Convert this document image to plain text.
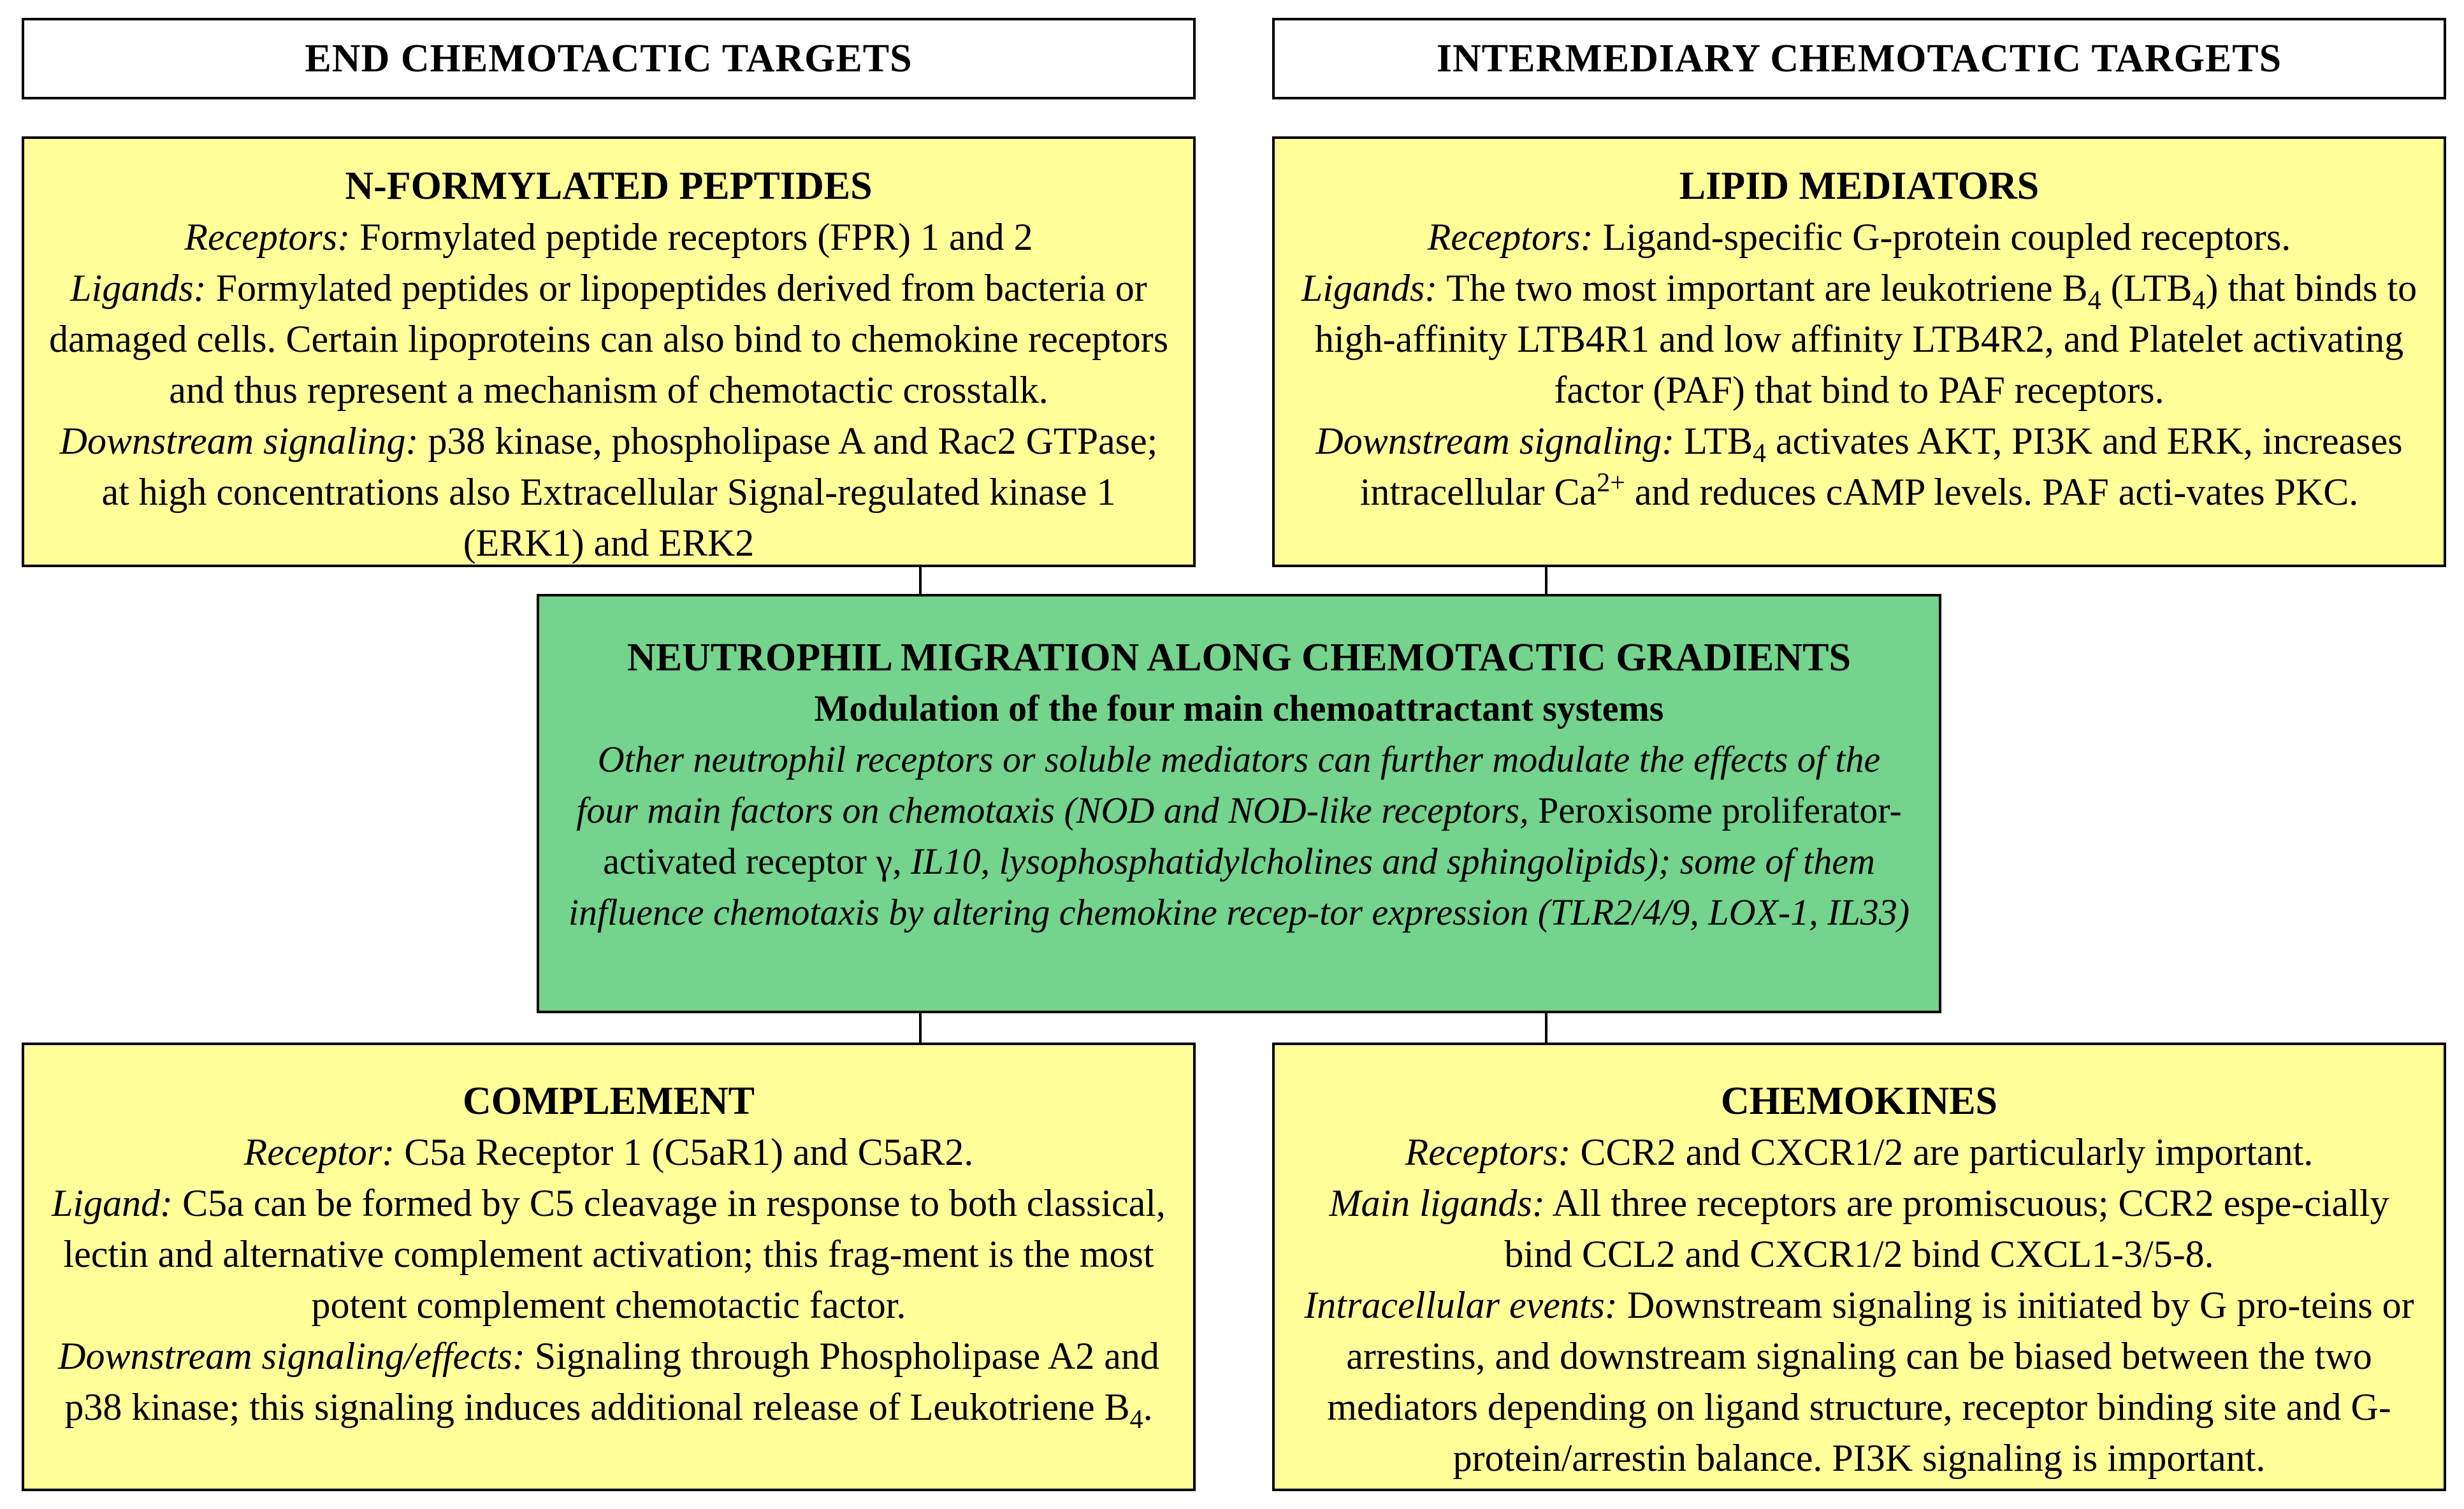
END CHEMOTACTIC TARGETS	INTERMEDIARY CHEMOTACTIC TARGETS

N-FORMYLATED PEPTIDES

Receptors: Formylated peptide receptors (FPR) 1 and 2

Ligands: Formylated peptides or lipopeptides derived from bacteria or damaged cells. Certain lipoproteins can also bind to chemokine receptors and thus represent a mechanism of chemotactic crosstalk.

Downstream signaling: p38 kinase, phospholipase A and Rac2 GTPase; at high concentrations also Extracellular Signal-regulated kinase 1 (ERK1) and ERK2

LIPID MEDIATORS

Receptors: Ligand-specific G-protein coupled receptors.

Ligands: The two most important are leukotriene $B_4$ $(LTB_4)$ that binds to high-affinity LTB4R1 and low affinity LTB4R2, and Platelet activating factor (PAF) that bind to PAF receptors.

Downstream signaling: $LTB_4$ activates AKT, PI3K and ERK, increases intracellular $Ca^{2+}$ and reduces cAMP levels. PAF acti-vates PKC.

NEUTROPHIL MIGRATION ALONG CHEMOTACTIC GRADIENTS
Modulation of the four main chemoattractant systems
Other neutrophil receptors or soluble mediators can further modulate the effects of the four main factors on chemotaxis (NOD and NOD-like receptors, Peroxisome proliferator-activated receptor γ, IL10, lysophosphatidylcholines and sphingolipids); some of them influence chemotaxis by altering chemokine recep-tor expression (TLR2/4/9, LOX-1, IL33)

COMPLEMENT

Receptor: C5a Receptor 1 (C5aR1) and C5aR2.

Ligand: C5a can be formed by C5 cleavage in response to both classical, lectin and alternative complement activation; this frag-ment is the most potent complement chemotactic factor.

Downstream signaling/effects: Signaling through Phospholipase A2 and p38 kinase; this signaling induces additional release of Leukotriene $B_4$.

CHEMOKINES

Receptors: CCR2 and CXCR1/2 are particularly important.

Main ligands: All three receptors are promiscuous; CCR2 espe-cially bind CCL2 and CXCR1/2 bind CXCL1-3/5-8.

Intracellular events: Downstream signaling is initiated by G pro-teins or arrestins, and downstream signaling can be biased between the two mediators depending on ligand structure, receptor binding site and G-protein/arrestin balance. PI3K signaling is important.
